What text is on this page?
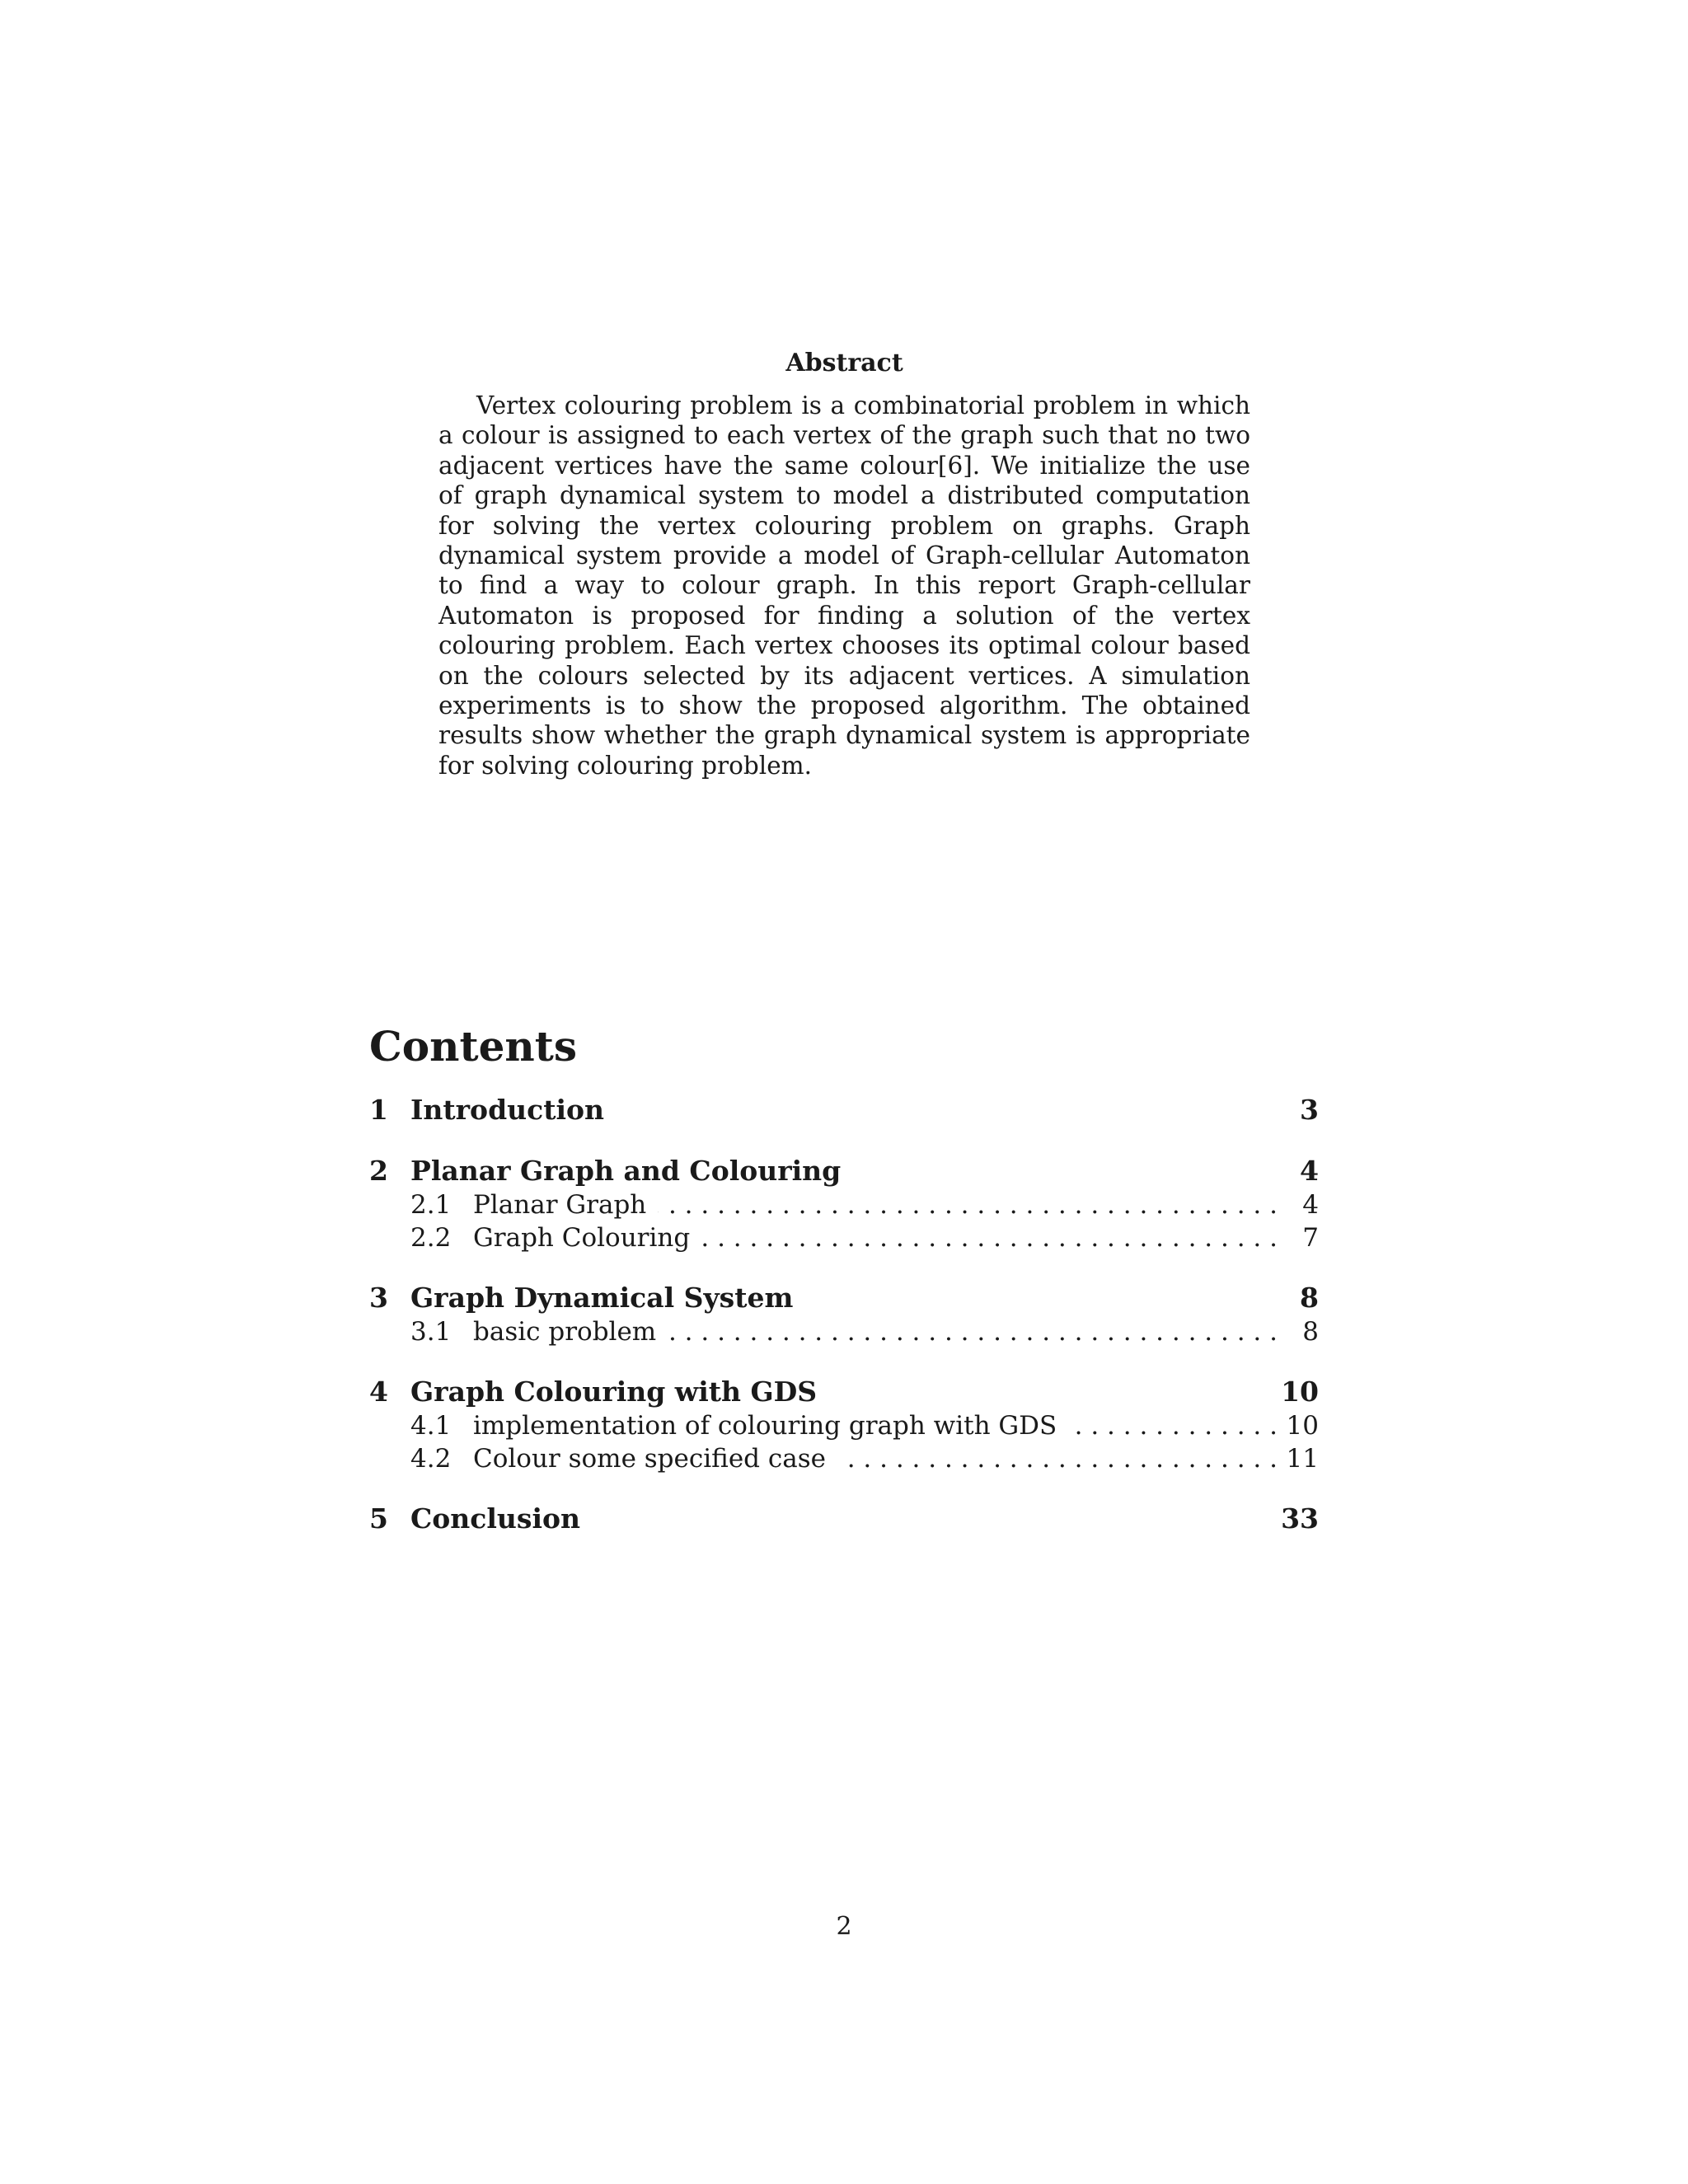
Abstract

Vertex colouring problem is a combinatorial problem in which a colour is assigned to each vertex of the graph such that no two adjacent vertices have the same colour[6]. We initialize the use of graph dynamical system to model a distributed computation for solving the vertex colouring problem on graphs. Graph dynamical system provide a model of Graph-cellular Automaton to find a way to colour graph. In this report Graph-cellular Automaton is proposed for finding a solution of the vertex colouring problem. Each vertex chooses its optimal colour based on the colours selected by its adjacent vertices. A simulation experiments is to show the proposed algorithm. The obtained results show whether the graph dynamical system is appropriate for solving colouring problem.

Contents
1 Introduction	3
2 Planar Graph and Colouring	4
2.1 Planar Graph . . .	4
2.2 Graph Colouring . . .	7
3 Graph Dynamical System	8
3.1 basic problem . . .	8
4 Graph Colouring with GDS	10
4.1 implementation of colouring graph with GDS . . .	10
4.2 Colour some specified case . . .	11
5 Conclusion	33
2
